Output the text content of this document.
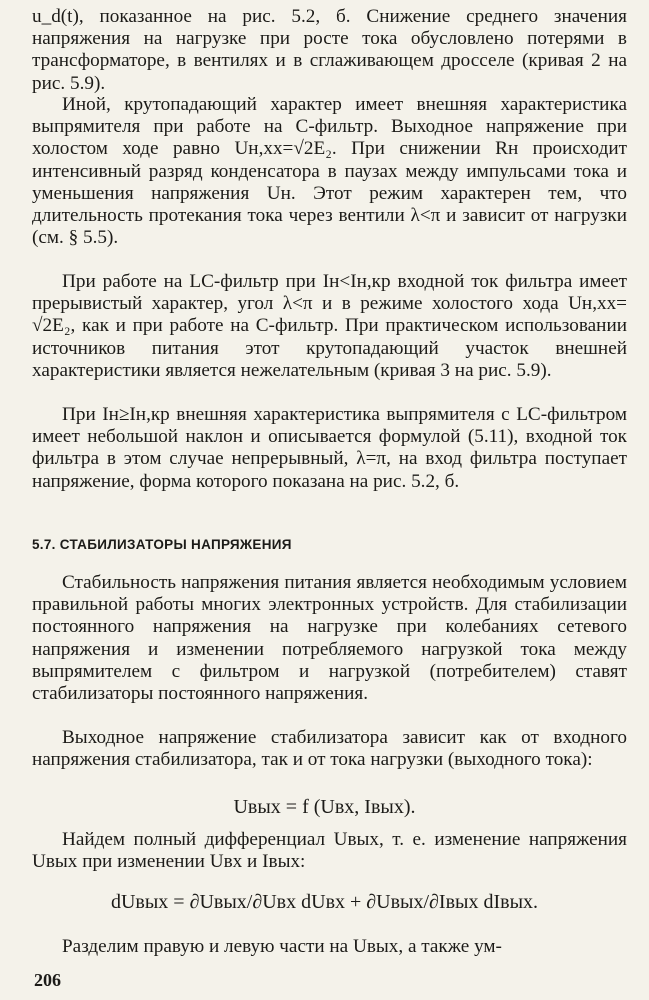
u_d(t), показанное на рис. 5.2, б. Снижение среднего значения напряжения на нагрузке при росте тока обусловлено потерями в трансформаторе, в вентилях и в сглаживающем дросселе (кривая 2 на рис. 5.9).

Иной, крутопадающий характер имеет внешняя характеристика выпрямителя при работе на C-фильтр. Выходное напряжение при холостом ходе равно Uн,хх=√2E₂. При снижении Rн происходит интенсивный разряд конденсатора в паузах между импульсами тока и уменьшения напряжения Uн. Этот режим характерен тем, что длительность протекания тока через вентили λ<π и зависит от нагрузки (см. § 5.5).

При работе на LC-фильтр при Iн<Iн,кр входной ток фильтра имеет прерывистый характер, угол λ<π и в режиме холостого хода Uн,хх= √2E₂, как и при работе на C-фильтр. При практическом использовании источников питания этот крутопадающий участок внешней характеристики является нежелательным (кривая 3 на рис. 5.9).

При Iн≥Iн,кр внешняя характеристика выпрямителя с LC-фильтром имеет небольшой наклон и описывается формулой (5.11), входной ток фильтра в этом случае непрерывный, λ=π, на вход фильтра поступает напряжение, форма которого показана на рис. 5.2, б.

5.7. СТАБИЛИЗАТОРЫ НАПРЯЖЕНИЯ

Стабильность напряжения питания является необходимым условием правильной работы многих электронных устройств. Для стабилизации постоянного напряжения на нагрузке при колебаниях сетевого напряжения и изменении потребляемого нагрузкой тока между выпрямителем с фильтром и нагрузкой (потребителем) ставят стабилизаторы постоянного напряжения.

Выходное напряжение стабилизатора зависит как от входного напряжения стабилизатора, так и от тока нагрузки (выходного тока):

Uвых = f (Uвх, Iвых).

Найдем полный дифференциал Uвых, т. е. изменение напряжения Uвых при изменении Uвх и Iвых:

dUвых = ∂Uвых/∂Uвх dUвх + ∂Uвых/∂Iвых dIвых.

Разделим правую и левую части на Uвых, а также ум-

206
